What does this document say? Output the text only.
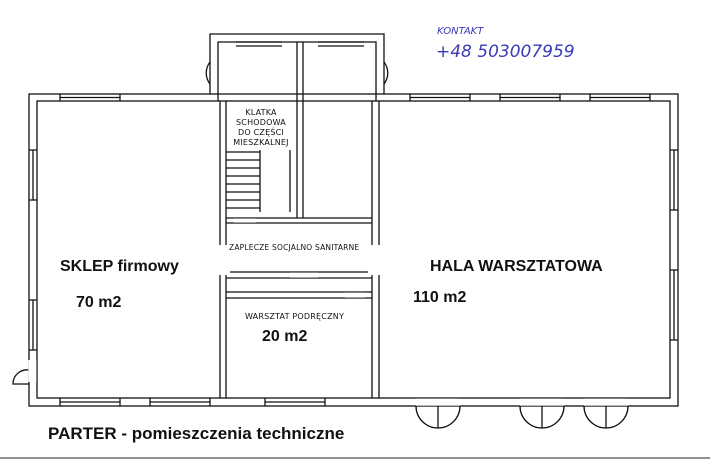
KONTAKT
+48 503007959
KLATKA
SCHODOWA
DO CZĘŚCI
MIESZKALNEJ
ZAPLECZE SOCJALNO SANITARNE
WARSZTAT PODRĘCZNY
20 m2
SKLEP firmowy
70 m2
HALA WARSZTATOWA
110 m2
PARTER - pomieszczenia techniczne
